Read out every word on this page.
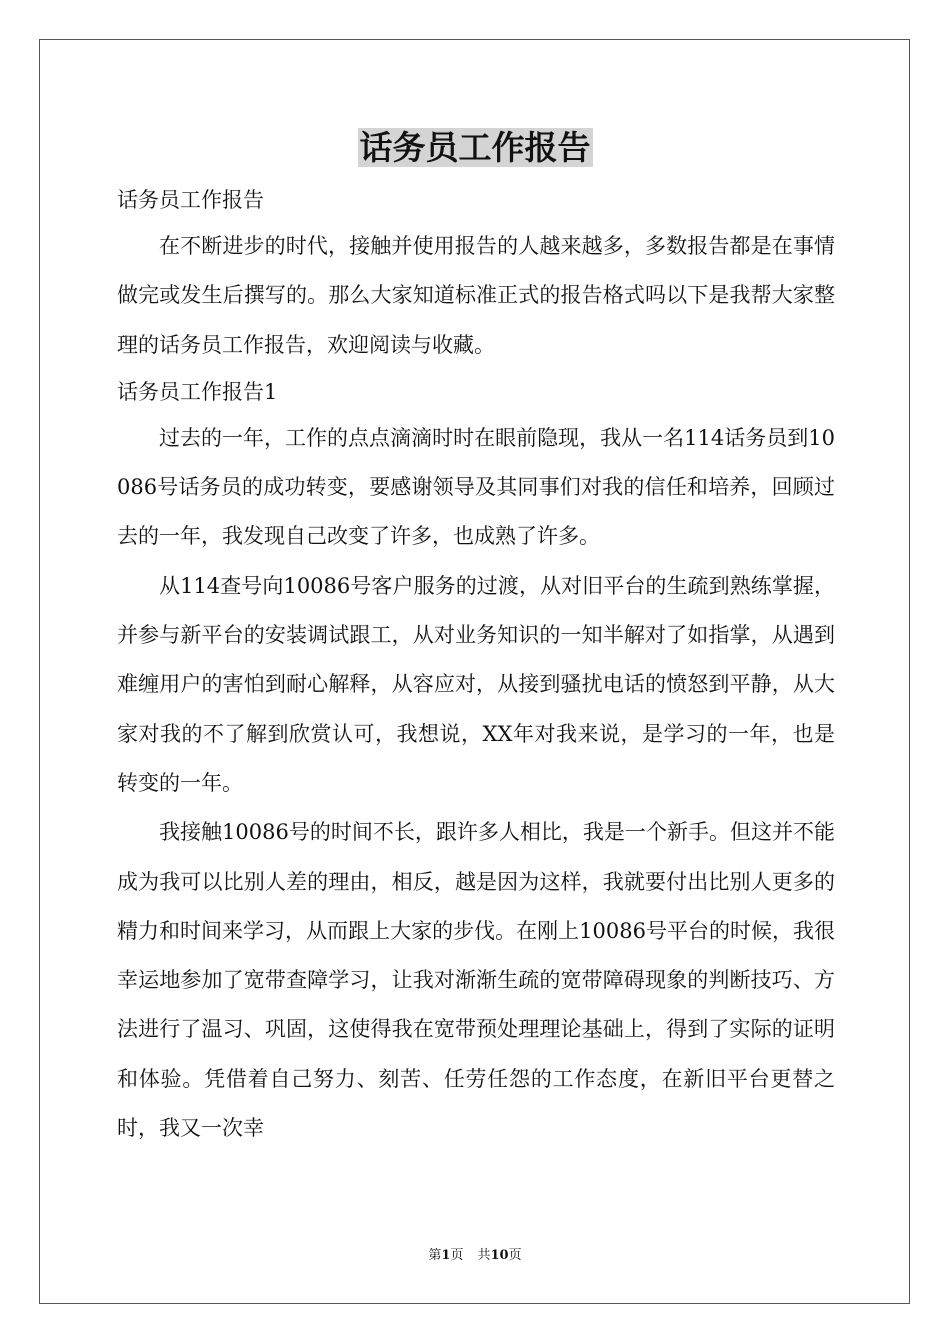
话务员工作报告

话务员工作报告

在不断进步的时代，接触并使用报告的人越来越多，多数报告都是在事情做完或发生后撰写的。那么大家知道标准正式的报告格式吗以下是我帮大家整理的话务员工作报告，欢迎阅读与收藏。

话务员工作报告1

过去的一年，工作的点点滴滴时时在眼前隐现，我从一名114话务员到10086号话务员的成功转变，要感谢领导及其同事们对我的信任和培养，回顾过去的一年，我发现自己改变了许多，也成熟了许多。

从114查号向10086号客户服务的过渡，从对旧平台的生疏到熟练掌握，并参与新平台的安装调试跟工，从对业务知识的一知半解对了如指掌，从遇到难缠用户的害怕到耐心解释，从容应对，从接到骚扰电话的愤怒到平静，从大家对我的不了解到欣赏认可，我想说，XX年对我来说，是学习的一年，也是转变的一年。

我接触10086号的时间不长，跟许多人相比，我是一个新手。但这并不能成为我可以比别人差的理由，相反，越是因为这样，我就要付出比别人更多的精力和时间来学习，从而跟上大家的步伐。在刚上10086号平台的时候，我很幸运地参加了宽带查障学习，让我对渐渐生疏的宽带障碍现象的判断技巧、方法进行了温习、巩固，这使得我在宽带预处理理论基础上，得到了实际的证明和体验。凭借着自己努力、刻苦、任劳任怨的工作态度，在新旧平台更替之时，我又一次幸

第1页 共10页
